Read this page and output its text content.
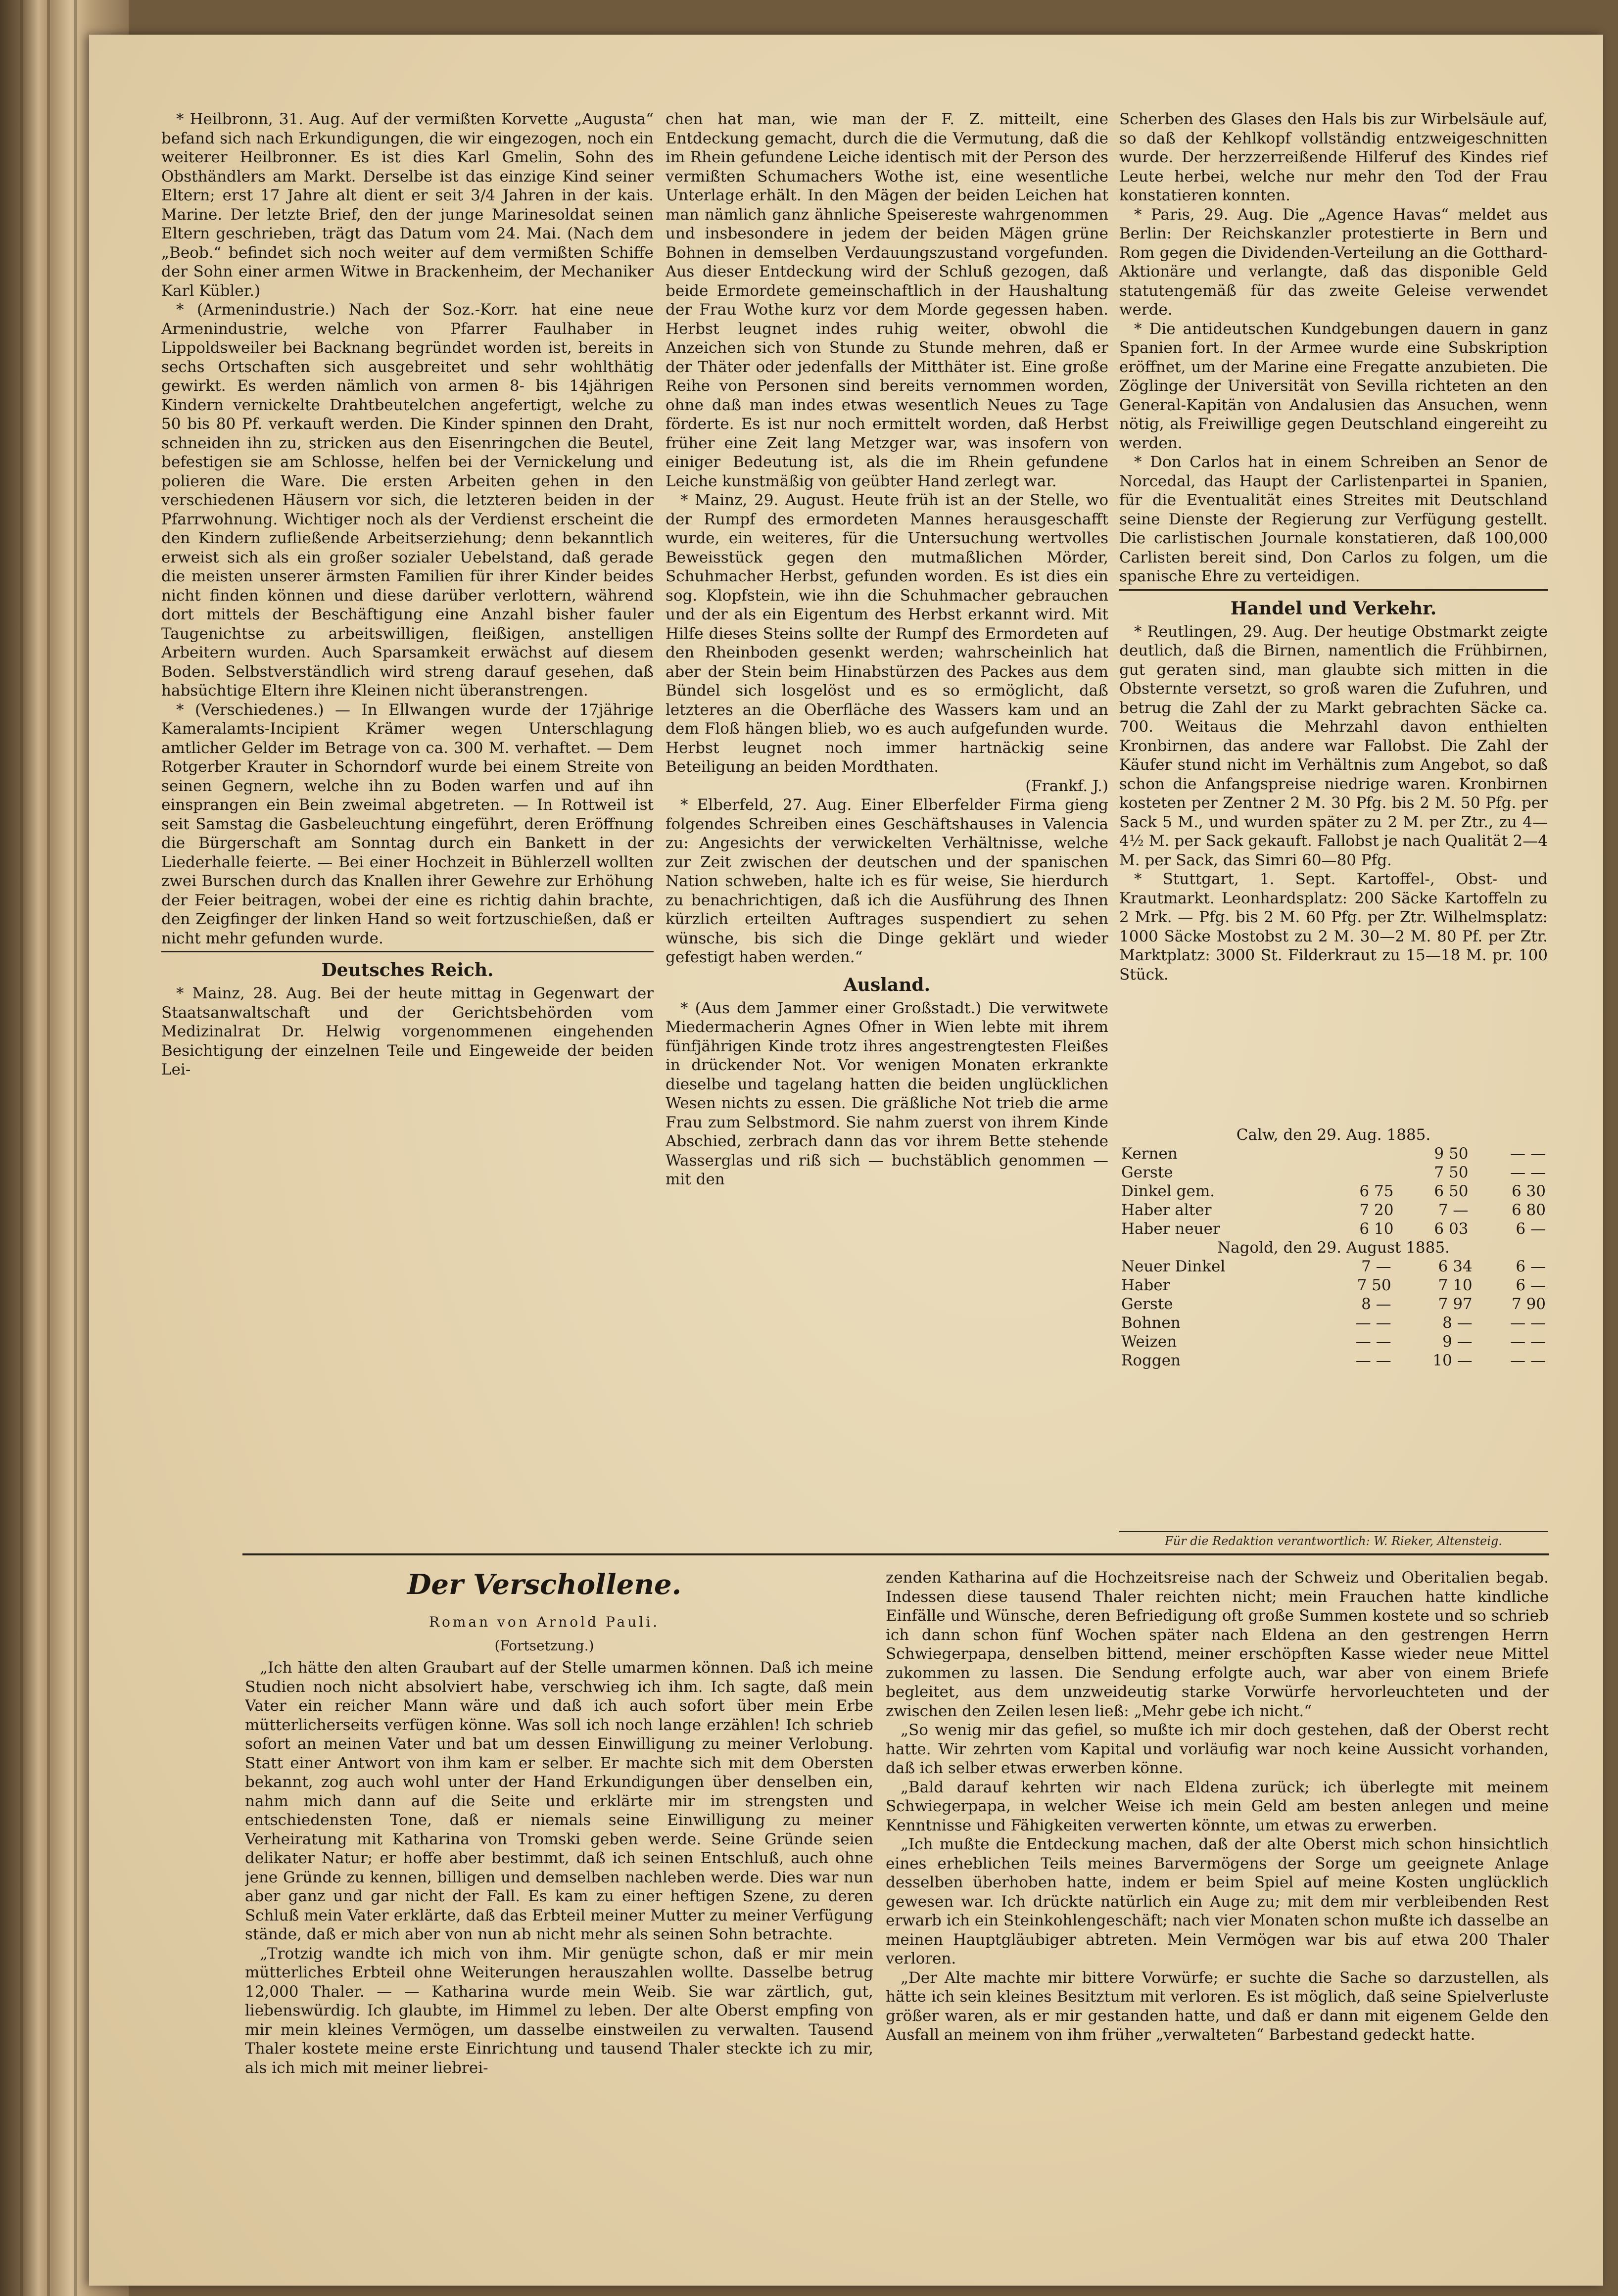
* Heilbronn, 31. Aug. Auf der vermißten Korvette „Augusta“ befand sich nach Erkundigungen, die wir eingezogen, noch ein weiterer Heilbronner. Es ist dies Karl Gmelin, Sohn des Obsthändlers am Markt. Derselbe ist das einzige Kind seiner Eltern; erst 17 Jahre alt dient er seit 3/4 Jahren in der kais. Marine. Der letzte Brief, den der junge Marinesoldat seinen Eltern geschrieben, trägt das Datum vom 24. Mai. (Nach dem „Beob.“ befindet sich noch weiter auf dem vermißten Schiffe der Sohn einer armen Witwe in Brackenheim, der Mechaniker Karl Kübler.)

* (Armenindustrie.) Nach der Soz.-Korr. hat eine neue Armenindustrie, welche von Pfarrer Faulhaber in Lippoldsweiler bei Backnang begründet worden ist, bereits in sechs Ortschaften sich ausgebreitet und sehr wohlthätig gewirkt. Es werden nämlich von armen 8- bis 14jährigen Kindern vernickelte Drahtbeutelchen angefertigt, welche zu 50 bis 80 Pf. verkauft werden. Die Kinder spinnen den Draht, schneiden ihn zu, stricken aus den Eisenringchen die Beutel, befestigen sie am Schlosse, helfen bei der Vernickelung und polieren die Ware. Die ersten Arbeiten gehen in den verschiedenen Häusern vor sich, die letzteren beiden in der Pfarrwohnung. Wichtiger noch als der Verdienst erscheint die den Kindern zufließende Arbeitserziehung; denn bekanntlich erweist sich als ein großer sozialer Uebelstand, daß gerade die meisten unserer ärmsten Familien für ihrer Kinder beides nicht finden können und diese darüber verlottern, während dort mittels der Beschäftigung eine Anzahl bisher fauler Taugenichtse zu arbeitswilligen, fleißigen, anstelligen Arbeitern wurden. Auch Sparsamkeit erwächst auf diesem Boden. Selbstverständlich wird streng darauf gesehen, daß habsüchtige Eltern ihre Kleinen nicht überanstrengen.

* (Verschiedenes.) — In Ellwangen wurde der 17jährige Kameralamts-Incipient Krämer wegen Unterschlagung amtlicher Gelder im Betrage von ca. 300 M. verhaftet. — Dem Rotgerber Krauter in Schorndorf wurde bei einem Streite von seinen Gegnern, welche ihn zu Boden warfen und auf ihn einsprangen ein Bein zweimal abgetreten. — In Rottweil ist seit Samstag die Gasbeleuchtung eingeführt, deren Eröffnung die Bürgerschaft am Sonntag durch ein Bankett in der Liederhalle feierte. — Bei einer Hochzeit in Bühlerzell wollten zwei Burschen durch das Knallen ihrer Gewehre zur Erhöhung der Feier beitragen, wobei der eine es richtig dahin brachte, den Zeigfinger der linken Hand so weit fortzuschießen, daß er nicht mehr gefunden wurde.

Deutsches Reich.

* Mainz, 28. Aug. Bei der heute mittag in Gegenwart der Staatsanwaltschaft und der Gerichtsbehörden vom Medizinalrat Dr. Helwig vorgenommenen eingehenden Besichtigung der einzelnen Teile und Eingeweide der beiden Lei-

chen hat man, wie man der F. Z. mitteilt, eine Entdeckung gemacht, durch die die Vermutung, daß die im Rhein gefundene Leiche identisch mit der Person des vermißten Schumachers Wothe ist, eine wesentliche Unterlage erhält. In den Mägen der beiden Leichen hat man nämlich ganz ähnliche Speisereste wahrgenommen und insbesondere in jedem der beiden Mägen grüne Bohnen in demselben Verdauungszustand vorgefunden. Aus dieser Entdeckung wird der Schluß gezogen, daß beide Ermordete gemeinschaftlich in der Haushaltung der Frau Wothe kurz vor dem Morde gegessen haben. Herbst leugnet indes ruhig weiter, obwohl die Anzeichen sich von Stunde zu Stunde mehren, daß er der Thäter oder jedenfalls der Mitthäter ist. Eine große Reihe von Personen sind bereits vernommen worden, ohne daß man indes etwas wesentlich Neues zu Tage förderte. Es ist nur noch ermittelt worden, daß Herbst früher eine Zeit lang Metzger war, was insofern von einiger Bedeutung ist, als die im Rhein gefundene Leiche kunstmäßig von geübter Hand zerlegt war.

* Mainz, 29. August. Heute früh ist an der Stelle, wo der Rumpf des ermordeten Mannes herausgeschafft wurde, ein weiteres, für die Untersuchung wertvolles Beweisstück gegen den mutmaßlichen Mörder, Schuhmacher Herbst, gefunden worden. Es ist dies ein sog. Klopfstein, wie ihn die Schuhmacher gebrauchen und der als ein Eigentum des Herbst erkannt wird. Mit Hilfe dieses Steins sollte der Rumpf des Ermordeten auf den Rheinboden gesenkt werden; wahrscheinlich hat aber der Stein beim Hinabstürzen des Packes aus dem Bündel sich losgelöst und es so ermöglicht, daß letzteres an die Oberfläche des Wassers kam und an dem Floß hängen blieb, wo es auch aufgefunden wurde. Herbst leugnet noch immer hartnäckig seine Beteiligung an beiden Mordthaten.

(Frankf. J.)

* Elberfeld, 27. Aug. Einer Elberfelder Firma gieng folgendes Schreiben eines Geschäftshauses in Valencia zu: Angesichts der verwickelten Verhältnisse, welche zur Zeit zwischen der deutschen und der spanischen Nation schweben, halte ich es für weise, Sie hierdurch zu benachrichtigen, daß ich die Ausführung des Ihnen kürzlich erteilten Auftrages suspendiert zu sehen wünsche, bis sich die Dinge geklärt und wieder gefestigt haben werden.“

Ausland.

* (Aus dem Jammer einer Großstadt.) Die verwitwete Miedermacherin Agnes Ofner in Wien lebte mit ihrem fünfjährigen Kinde trotz ihres angestrengtesten Fleißes in drückender Not. Vor wenigen Monaten erkrankte dieselbe und tagelang hatten die beiden unglücklichen Wesen nichts zu essen. Die gräßliche Not trieb die arme Frau zum Selbstmord. Sie nahm zuerst von ihrem Kinde Abschied, zerbrach dann das vor ihrem Bette stehende Wasserglas und riß sich — buchstäblich genommen — mit den

Scherben des Glases den Hals bis zur Wirbelsäule auf, so daß der Kehlkopf vollständig entzweigeschnitten wurde. Der herzzerreißende Hilferuf des Kindes rief Leute herbei, welche nur mehr den Tod der Frau konstatieren konnten.

* Paris, 29. Aug. Die „Agence Havas“ meldet aus Berlin: Der Reichskanzler protestierte in Bern und Rom gegen die Dividenden-Verteilung an die Gotthard-Aktionäre und verlangte, daß das disponible Geld statutengemäß für das zweite Geleise verwendet werde.

* Die antideutschen Kundgebungen dauern in ganz Spanien fort. In der Armee wurde eine Subskription eröffnet, um der Marine eine Fregatte anzubieten. Die Zöglinge der Universität von Sevilla richteten an den General-Kapitän von Andalusien das Ansuchen, wenn nötig, als Freiwillige gegen Deutschland eingereiht zu werden.

* Don Carlos hat in einem Schreiben an Senor de Norcedal, das Haupt der Carlistenpartei in Spanien, für die Eventualität eines Streites mit Deutschland seine Dienste der Regierung zur Verfügung gestellt. Die carlistischen Journale konstatieren, daß 100,000 Carlisten bereit sind, Don Carlos zu folgen, um die spanische Ehre zu verteidigen.

Handel und Verkehr.

* Reutlingen, 29. Aug. Der heutige Obstmarkt zeigte deutlich, daß die Birnen, namentlich die Frühbirnen, gut geraten sind, man glaubte sich mitten in die Obsternte versetzt, so groß waren die Zufuhren, und betrug die Zahl der zu Markt gebrachten Säcke ca. 700. Weitaus die Mehrzahl davon enthielten Kronbirnen, das andere war Fallobst. Die Zahl der Käufer stund nicht im Verhältnis zum Angebot, so daß schon die Anfangspreise niedrige waren. Kronbirnen kosteten per Zentner 2 M. 30 Pfg. bis 2 M. 50 Pfg. per Sack 5 M., und wurden später zu 2 M. per Ztr., zu 4—4½ M. per Sack gekauft. Fallobst je nach Qualität 2—4 M. per Sack, das Simri 60—80 Pfg.

* Stuttgart, 1. Sept. Kartoffel-, Obst- und Krautmarkt. Leonhardsplatz: 200 Säcke Kartoffeln zu 2 Mrk. — Pfg. bis 2 M. 60 Pfg. per Ztr. Wilhelmsplatz: 1000 Säcke Mostobst zu 2 M. 30—2 M. 80 Pf. per Ztr. Marktplatz: 3000 St. Filderkraut zu 15—18 M. pr. 100 Stück.

Calw, den 29. Aug. 1885.
Kernen		9 50	— —
Gerste		7 50	— —
Dinkel gem.	6 75	6 50	6 30
Haber alter	7 20	7 —	6 80
Haber neuer	6 10	6 03	6 —
Nagold, den 29. August 1885.
Neuer Dinkel	7 —	6 34	6 —
Haber	7 50	7 10	6 —
Gerste	8 —	7 97	7 90
Bohnen	— —	8 —	— —
Weizen	— —	9 —	— —
Roggen	— —	10 —	— —
Für die Redaktion verantwortlich: W. Rieker, Altensteig.
Der Verschollene.
Roman von Arnold Pauli.
(Fortsetzung.)

„Ich hätte den alten Graubart auf der Stelle umarmen können. Daß ich meine Studien noch nicht absolviert habe, verschwieg ich ihm. Ich sagte, daß mein Vater ein reicher Mann wäre und daß ich auch sofort über mein Erbe mütterlicherseits verfügen könne. Was soll ich noch lange erzählen! Ich schrieb sofort an meinen Vater und bat um dessen Einwilligung zu meiner Verlobung. Statt einer Antwort von ihm kam er selber. Er machte sich mit dem Obersten bekannt, zog auch wohl unter der Hand Erkundigungen über denselben ein, nahm mich dann auf die Seite und erklärte mir im strengsten und entschiedensten Tone, daß er niemals seine Einwilligung zu meiner Verheiratung mit Katharina von Tromski geben werde. Seine Gründe seien delikater Natur; er hoffe aber bestimmt, daß ich seinen Entschluß, auch ohne jene Gründe zu kennen, billigen und demselben nachleben werde. Dies war nun aber ganz und gar nicht der Fall. Es kam zu einer heftigen Szene, zu deren Schluß mein Vater erklärte, daß das Erbteil meiner Mutter zu meiner Verfügung stände, daß er mich aber von nun ab nicht mehr als seinen Sohn betrachte.

„Trotzig wandte ich mich von ihm. Mir genügte schon, daß er mir mein mütterliches Erbteil ohne Weiterungen herauszahlen wollte. Dasselbe betrug 12,000 Thaler. — — Katharina wurde mein Weib. Sie war zärtlich, gut, liebenswürdig. Ich glaubte, im Himmel zu leben. Der alte Oberst empfing von mir mein kleines Vermögen, um dasselbe einstweilen zu verwalten. Tausend Thaler kostete meine erste Einrichtung und tausend Thaler steckte ich zu mir, als ich mich mit meiner liebrei-

zenden Katharina auf die Hochzeitsreise nach der Schweiz und Oberitalien begab. Indessen diese tausend Thaler reichten nicht; mein Frauchen hatte kindliche Einfälle und Wünsche, deren Befriedigung oft große Summen kostete und so schrieb ich dann schon fünf Wochen später nach Eldena an den gestrengen Herrn Schwiegerpapa, denselben bittend, meiner erschöpften Kasse wieder neue Mittel zukommen zu lassen. Die Sendung erfolgte auch, war aber von einem Briefe begleitet, aus dem unzweideutig starke Vorwürfe hervorleuchteten und der zwischen den Zeilen lesen ließ: „Mehr gebe ich nicht.“

„So wenig mir das gefiel, so mußte ich mir doch gestehen, daß der Oberst recht hatte. Wir zehrten vom Kapital und vorläufig war noch keine Aussicht vorhanden, daß ich selber etwas erwerben könne.

„Bald darauf kehrten wir nach Eldena zurück; ich überlegte mit meinem Schwiegerpapa, in welcher Weise ich mein Geld am besten anlegen und meine Kenntnisse und Fähigkeiten verwerten könnte, um etwas zu erwerben.

„Ich mußte die Entdeckung machen, daß der alte Oberst mich schon hinsichtlich eines erheblichen Teils meines Barvermögens der Sorge um geeignete Anlage desselben überhoben hatte, indem er beim Spiel auf meine Kosten unglücklich gewesen war. Ich drückte natürlich ein Auge zu; mit dem mir verbleibenden Rest erwarb ich ein Steinkohlengeschäft; nach vier Monaten schon mußte ich dasselbe an meinen Hauptgläubiger abtreten. Mein Vermögen war bis auf etwa 200 Thaler verloren.

„Der Alte machte mir bittere Vorwürfe; er suchte die Sache so darzustellen, als hätte ich sein kleines Besitztum mit verloren. Es ist möglich, daß seine Spielverluste größer waren, als er mir gestanden hatte, und daß er dann mit eigenem Gelde den Ausfall an meinem von ihm früher „verwalteten“ Barbestand gedeckt hatte.
